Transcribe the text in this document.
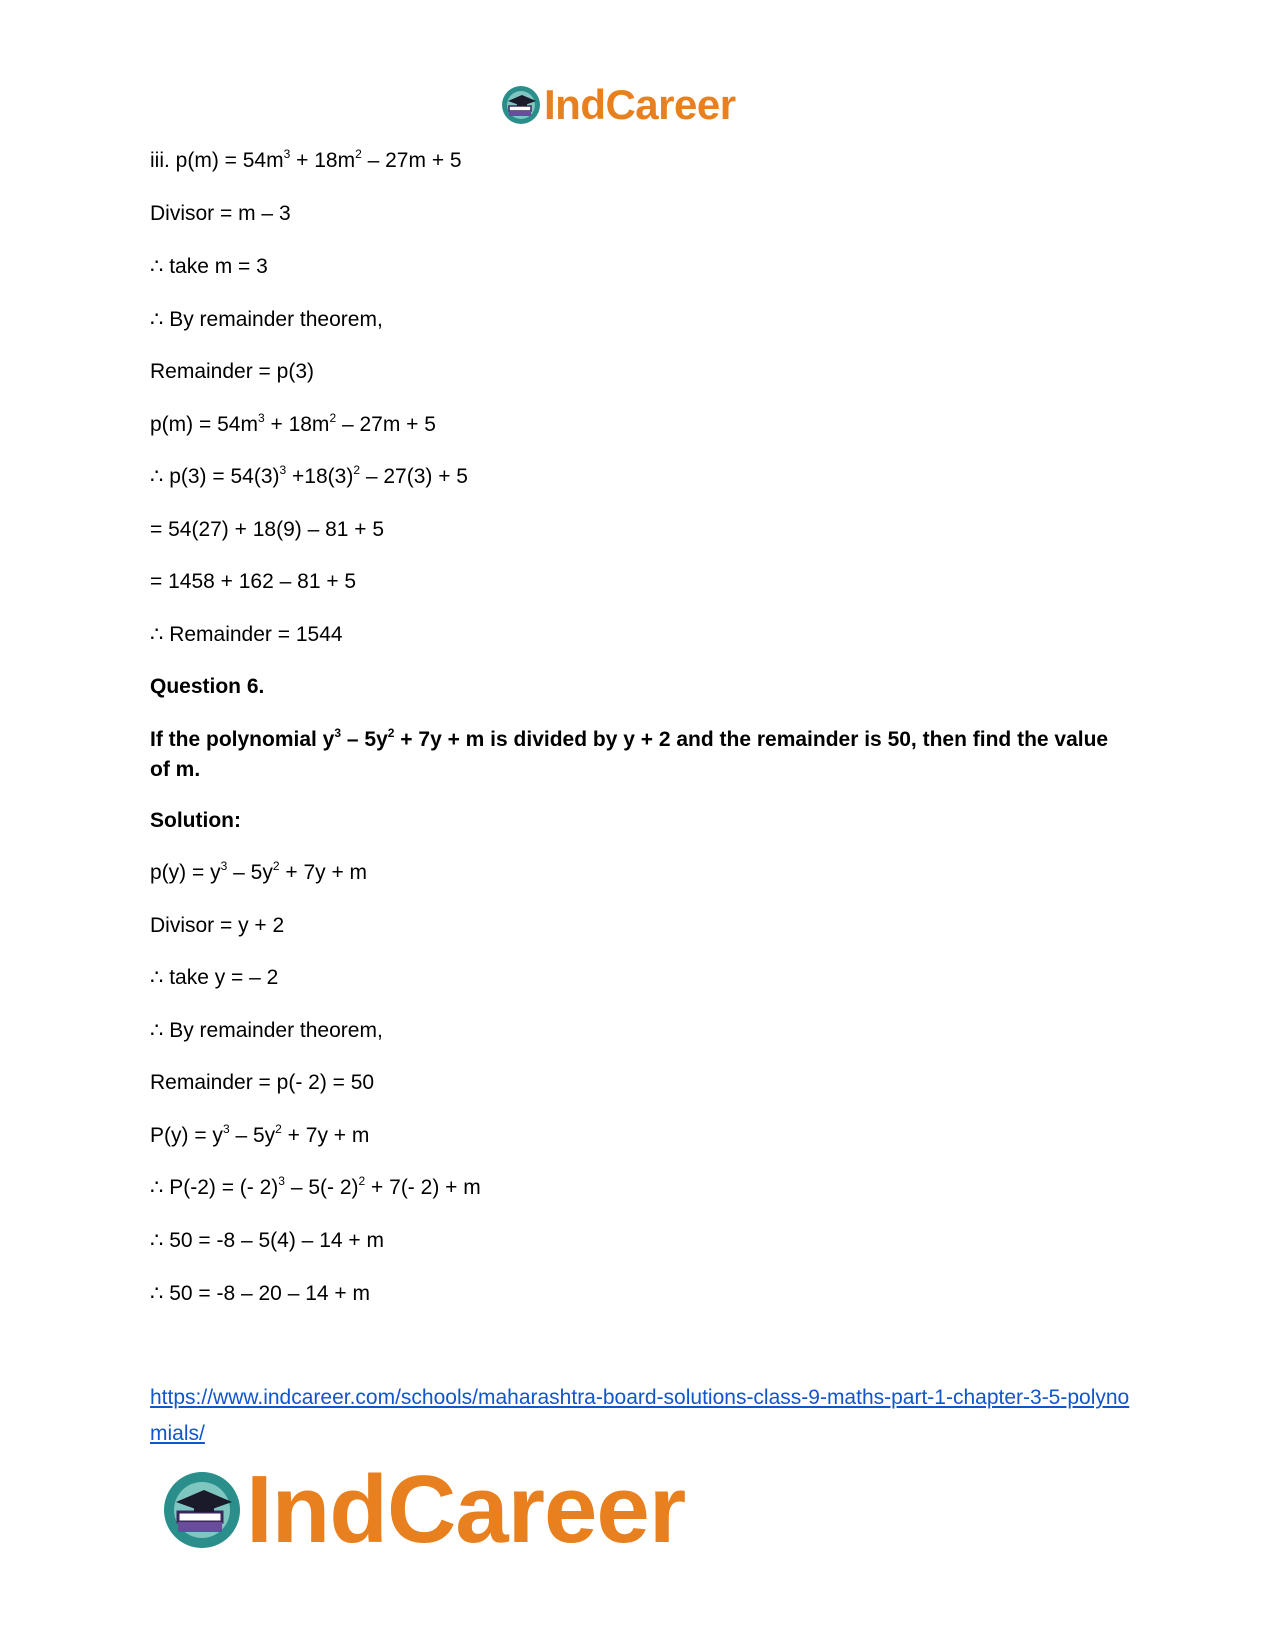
IndCareer
iii. $p(m) = 54m^3 + 18m^2 - 27m + 5$
Divisor = m – 3
∴ take m = 3
∴ By remainder theorem,
Remainder = p(3)
$p(m) = 54m^3 + 18m^2 - 27m + 5$
∴ $p(3) = 54(3)^3 +18(3)^2 - 27(3) + 5$
= 54(27) + 18(9) – 81 + 5
= 1458 + 162 – 81 + 5
∴ Remainder = 1544
Question 6.
If the polynomial $y^3 - 5y^2 + 7y + m$ is divided by y + 2 and the remainder is 50, then find the value of m.
Solution:
$p(y) = y^3 - 5y^2 + 7y + m$
Divisor = y + 2
∴ take y = – 2
∴ By remainder theorem,
Remainder = p(- 2) = 50
$P(y) = y^3 - 5y^2 + 7y + m$
∴ P(-2) = (- 2)$^3$ – 5(- 2)$^2$ + 7(- 2) + m
∴ 50 = -8 – 5(4) – 14 + m
∴ 50 = -8 – 20 – 14 + m
https://www.indcareer.com/schools/maharashtra-board-solutions-class-9-maths-part-1-chapter-3-5-polynomials/
IndCareer
